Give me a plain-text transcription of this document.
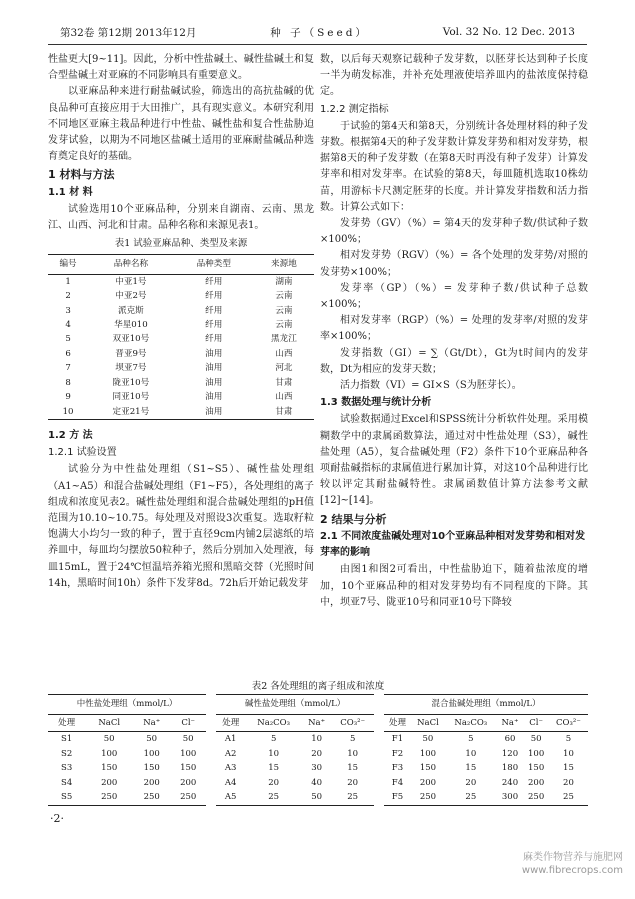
第32卷 第12期 2013年12月	种 子（Seed）	Vol. 32 No. 12 Dec. 2013

性盐更大[9~11]。因此，分析中性盐碱土、碱性盐碱土和复合型盐碱土对亚麻的不同影响具有重要意义。

以亚麻品种来进行耐盐碱试验，筛选出的高抗盐碱的优良品种可直接应用于大田推广，具有现实意义。本研究利用不同地区亚麻主栽品种进行中性盐、碱性盐和复合性盐胁迫发芽试验，以期为不同地区盐碱土适用的亚麻耐盐碱品种选育奠定良好的基础。

1 材料与方法
1.1 材 料

试验选用10个亚麻品种，分别来自湖南、云南、黑龙江、山西、河北和甘肃。品种名称和来源见表1。

表1 试验亚麻品种、类型及来源
编号	品种名称	品种类型	来源地
1	中亚1号	纤用	湖南
2	中亚2号	纤用	云南
3	派克斯	纤用	云南
4	华星010	纤用	云南
5	双亚10号	纤用	黑龙江
6	晋亚9号	油用	山西
7	坝亚7号	油用	河北
8	陇亚10号	油用	甘肃
9	同亚10号	油用	山西
10	定亚21号	油用	甘肃
1.2 方 法
1.2.1 试验设置

试验分为中性盐处理组（S1~S5）、碱性盐处理组（A1~A5）和混合盐碱处理组（F1~F5），各处理组的离子组成和浓度见表2。碱性盐处理组和混合盐碱处理组的pH值范围为10.10~10.75。每处理及对照设3次重复。选取籽粒饱满大小均匀一致的种子，置于直径9cm内铺2层滤纸的培养皿中，每皿均匀摆放50粒种子，然后分别加入处理液，每皿15mL，置于24℃恒温培养箱光照和黑暗交替（光照时间14h，黑暗时间10h）条件下发芽8d。72h后开始记载发芽

数，以后每天观察记载种子发芽数，以胚芽长达到种子长度一半为萌发标准，并补充处理液使培养皿内的盐浓度保持稳定。

1.2.2 测定指标

于试验的第4天和第8天，分别统计各处理材料的种子发芽数。根据第4天的种子发芽数计算发芽势和相对发芽势，根据第8天的种子发芽数（在第8天时再没有种子发芽）计算发芽率和相对发芽率。在试验的第8天，每皿随机选取10株幼苗，用游标卡尺测定胚芽的长度。并计算发芽指数和活力指数。计算公式如下：

发芽势（GV）（%）= 第4天的发芽种子数/供试种子数×100%；

相对发芽势（RGV）（%）= 各个处理的发芽势/对照的发芽势×100%；

发芽率（GP）（%）= 发芽种子数/供试种子总数×100%；

相对发芽率（RGP）（%）= 处理的发芽率/对照的发芽率×100%；

发芽指数（GI）= ∑（Gt/Dt），Gt为t时间内的发芽数，Dt为相应的发芽天数；

活力指数（VI）= GI×S（S为胚芽长）。

1.3 数据处理与统计分析

试验数据通过Excel和SPSS统计分析软件处理。采用模糊数学中的隶属函数算法，通过对中性盐处理（S3），碱性盐处理（A5），复合盐碱处理（F2）条件下10个亚麻品种各项耐盐碱指标的隶属值进行累加计算，对这10个品种进行比较以评定其耐盐碱特性。隶属函数值计算方法参考文献[12]~[14]。

2 结果与分析
2.1 不同浓度盐碱处理对10个亚麻品种相对发芽势和相对发芽率的影响

由图1和图2可看出，中性盐胁迫下，随着盐浓度的增加，10个亚麻品种的相对发芽势均有不同程度的下降。其中，坝亚7号、陇亚10号和同亚10号下降较

表2 各处理组的离子组成和浓度
中性盐处理组（mmol/L）					碱性盐处理组（mmol/L）					混合盐碱处理组（mmol/L）					
处理	NaCl	Na⁺	Cl⁻		处理	Na₂CO₃	Na⁺	CO₃²⁻		处理	NaCl	Na₂CO₃	Na⁺	Cl⁻	CO₃²⁻
S1	50	50	50		A1	5	10	5		F1	50	5	60	50	5
S2	100	100	100		A2	10	20	10		F2	100	10	120	100	10
S3	150	150	150		A3	15	30	15		F3	150	15	180	150	15
S4	200	200	200		A4	20	40	20		F4	200	20	240	200	20
S5	250	250	250		A5	25	50	25		F5	250	25	300	250	25
·2·
麻类作物营养与施肥网
www.fibrecrops.com
